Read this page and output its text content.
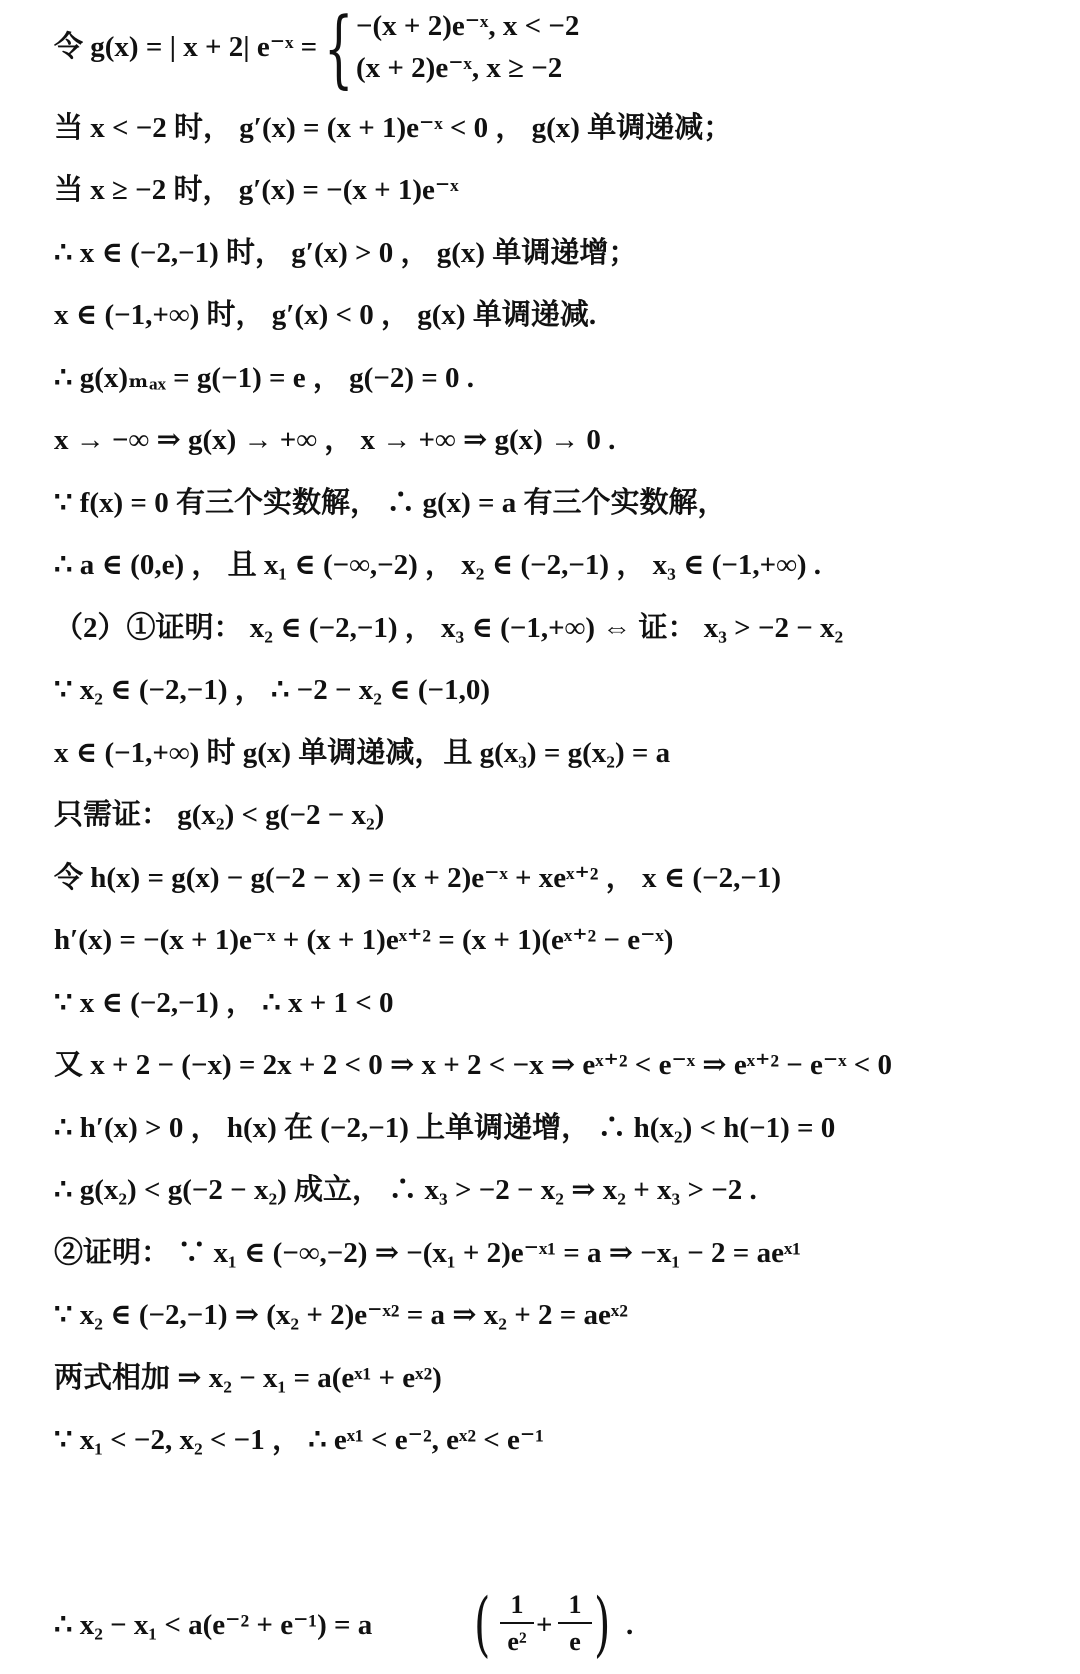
令 g(x) = | x + 2| e⁻ˣ = { −(x + 2)e⁻ˣ, x < −2
(x + 2)e⁻ˣ, x ≥ −2
当 x < −2 时， g′(x) = (x + 1)e⁻ˣ < 0 ， g(x) 单调递减；
当 x ≥ −2 时， g′(x) = −(x + 1)e⁻ˣ
∴ x ∈ (−2,−1) 时， g′(x) > 0 ， g(x) 单调递增；
x ∈ (−1,+∞) 时， g′(x) < 0 ， g(x) 单调递减.
∴ g(x)ₘₐₓ = g(−1) = e ， g(−2) = 0 .
x → −∞ ⇒ g(x) → +∞ ， x → +∞ ⇒ g(x) → 0 .
∵ f(x) = 0 有三个实数解， ∴ g(x) = a 有三个实数解，
∴ a ∈ (0,e) ， 且 x₁ ∈ (−∞,−2) ， x₂ ∈ (−2,−1) ， x₃ ∈ (−1,+∞) .
（2）①证明： x₂ ∈ (−2,−1) ， x₃ ∈ (−1,+∞) ⇔ 证： x₃ > −2 − x₂
∵ x₂ ∈ (−2,−1) ， ∴ −2 − x₂ ∈ (−1,0)
x ∈ (−1,+∞) 时 g(x) 单调递减，且 g(x₃) = g(x₂) = a
只需证： g(x₂) < g(−2 − x₂)
令 h(x) = g(x) − g(−2 − x) = (x + 2)e⁻ˣ + xeˣ⁺² ， x ∈ (−2,−1)
h′(x) = −(x + 1)e⁻ˣ + (x + 1)eˣ⁺² = (x + 1)(eˣ⁺² − e⁻ˣ)
∵ x ∈ (−2,−1) ， ∴ x + 1 < 0
又 x + 2 − (−x) = 2x + 2 < 0 ⇒ x + 2 < −x ⇒ eˣ⁺² < e⁻ˣ ⇒ eˣ⁺² − e⁻ˣ < 0
∴ h′(x) > 0 ， h(x) 在 (−2,−1) 上单调递增， ∴ h(x₂) < h(−1) = 0
∴ g(x₂) < g(−2 − x₂) 成立， ∴ x₃ > −2 − x₂ ⇒ x₂ + x₃ > −2 .
②证明： ∵ x₁ ∈ (−∞,−2) ⇒ −(x₁ + 2)e⁻ˣ¹ = a ⇒ −x₁ − 2 = aeˣ¹
∵ x₂ ∈ (−2,−1) ⇒ (x₂ + 2)e⁻ˣ² = a ⇒ x₂ + 2 = aeˣ²
两式相加 ⇒ x₂ − x₁ = a(eˣ¹ + eˣ²)
∵ x₁ < −2, x₂ < −1 ， ∴ eˣ¹ < e⁻², eˣ² < e⁻¹
∴ x₂ − x₁ < a(e⁻² + e⁻¹) = a ( $\frac{1}{\text{e²}} + \frac{1}{e}$ ) .
